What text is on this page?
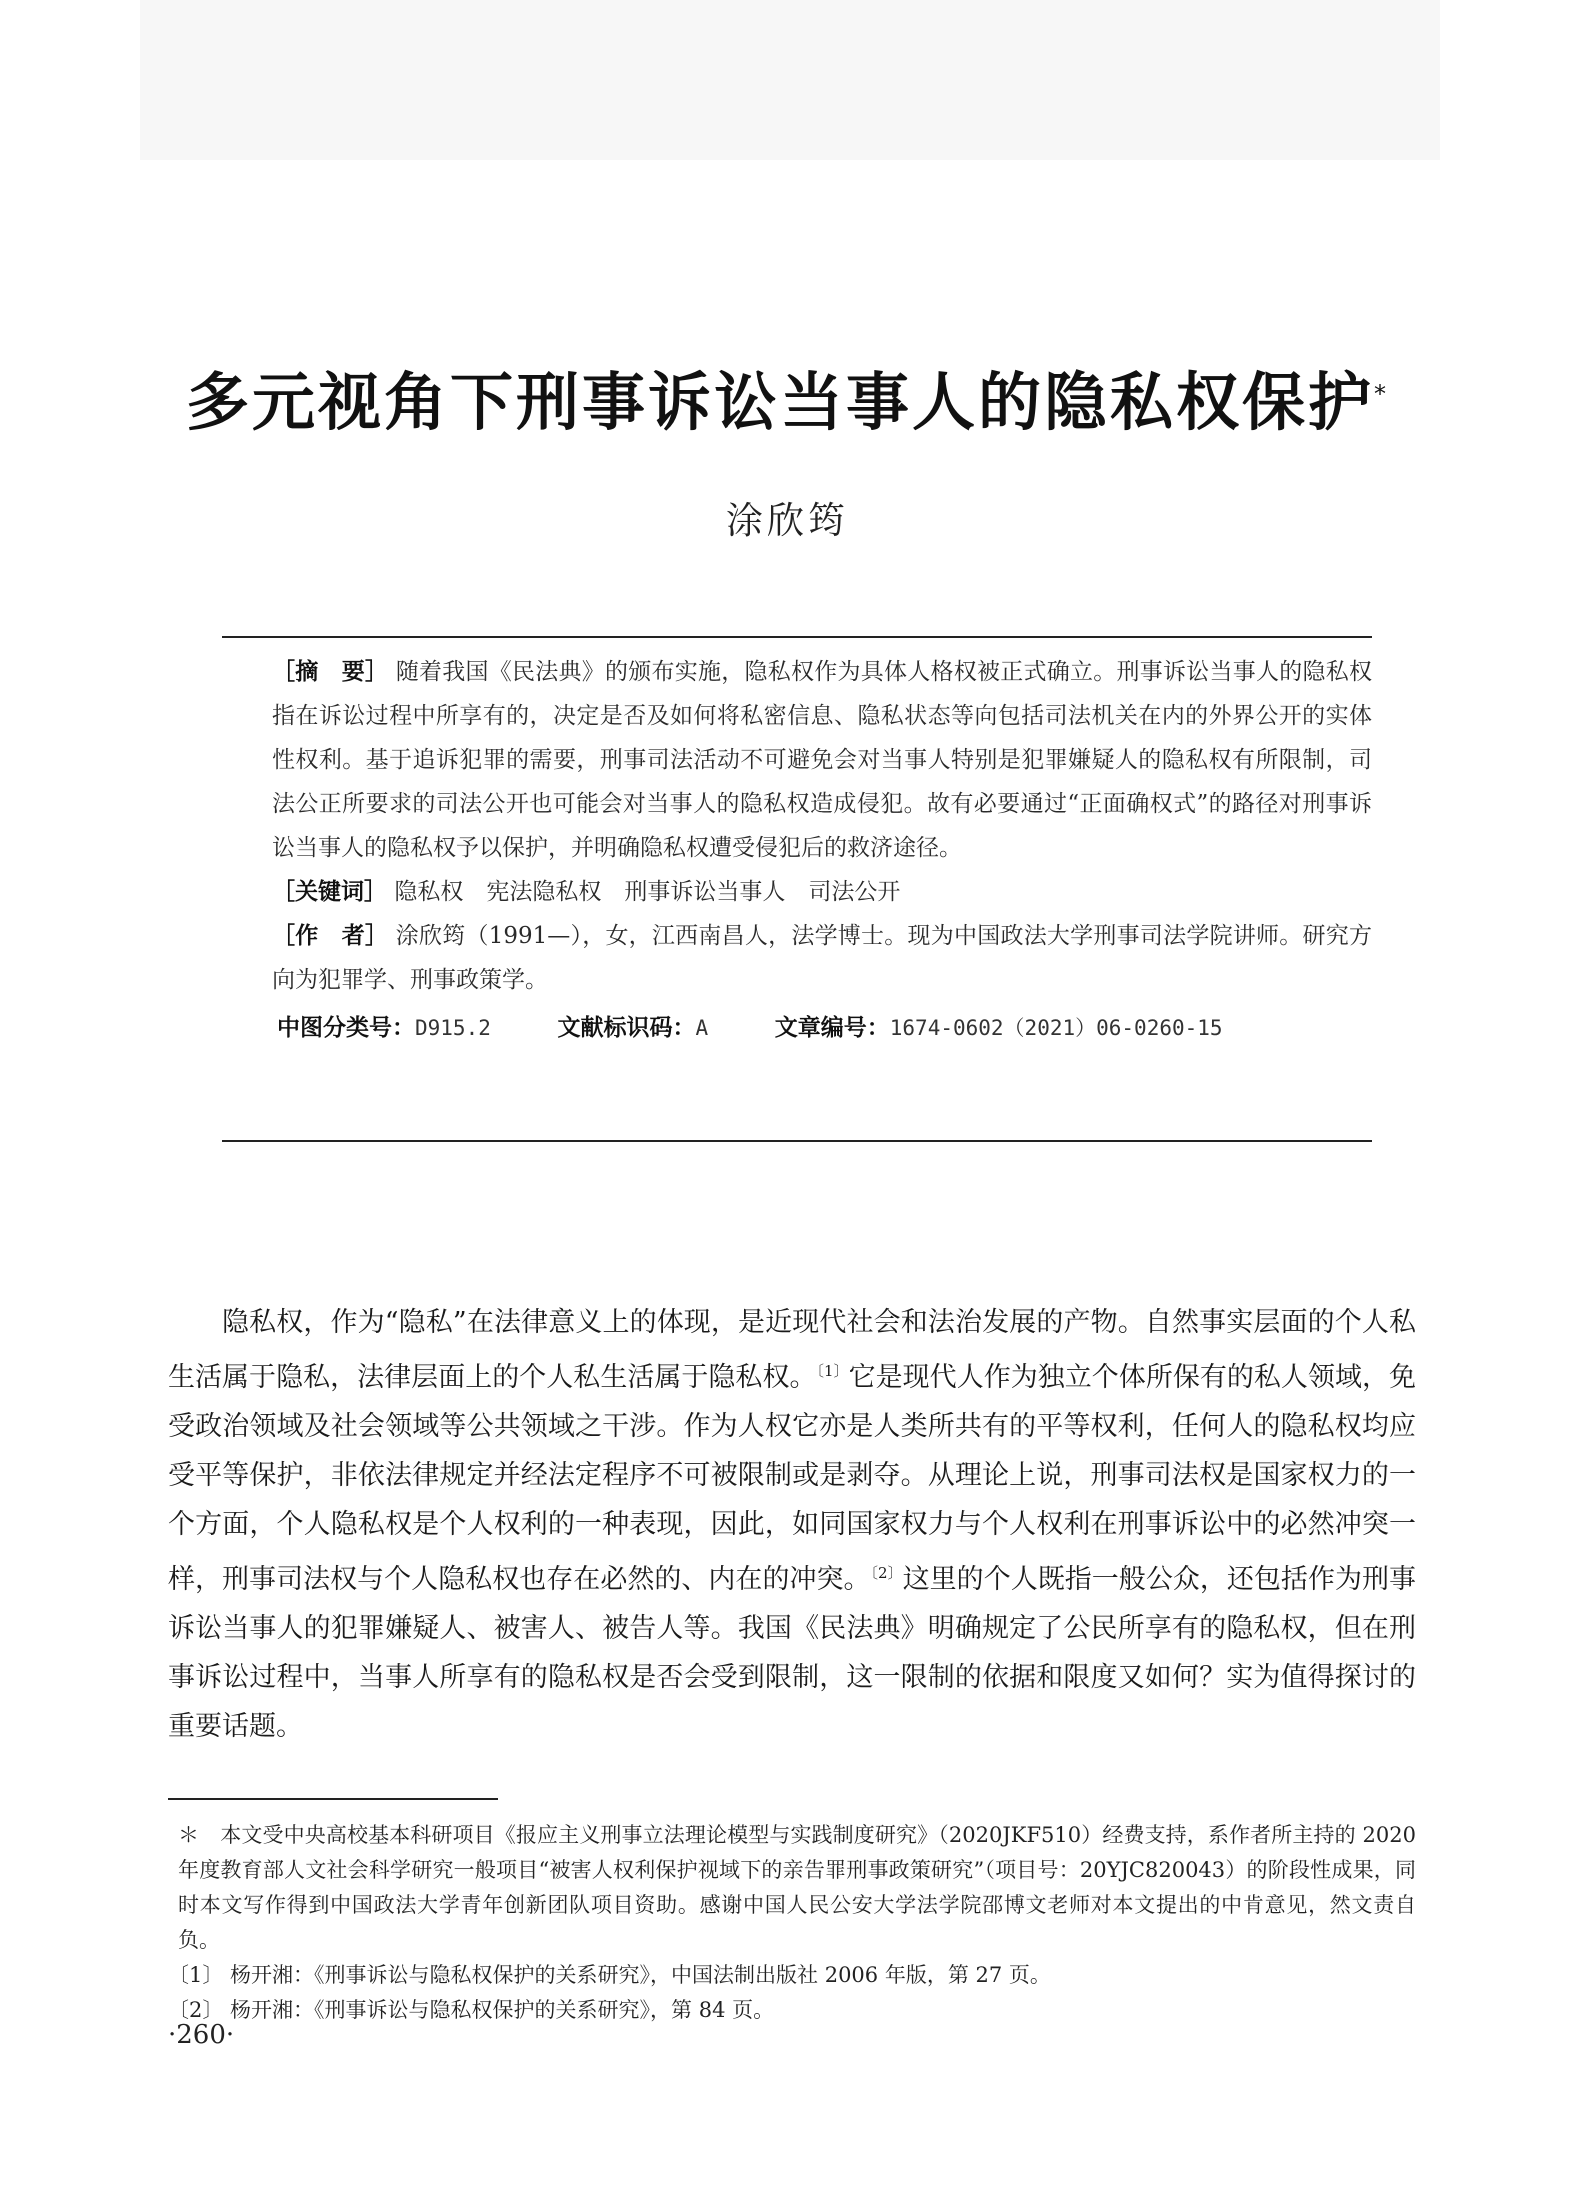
多元视角下刑事诉讼当事人的隐私权保护*
涂欣筠

［摘　要］ 随着我国《民法典》的颁布实施，隐私权作为具体人格权被正式确立。刑事诉讼当事人的隐私权指在诉讼过程中所享有的，决定是否及如何将私密信息、隐私状态等向包括司法机关在内的外界公开的实体性权利。基于追诉犯罪的需要，刑事司法活动不可避免会对当事人特别是犯罪嫌疑人的隐私权有所限制，司法公正所要求的司法公开也可能会对当事人的隐私权造成侵犯。故有必要通过“正面确权式”的路径对刑事诉讼当事人的隐私权予以保护，并明确隐私权遭受侵犯后的救济途径。

［关键词］ 隐私权　宪法隐私权　刑事诉讼当事人　司法公开

［作　者］ 涂欣筠（1991—），女，江西南昌人，法学博士。现为中国政法大学刑事司法学院讲师。研究方向为犯罪学、刑事政策学。

中图分类号：D915.2	文献标识码：A	文章编号：1674-0602（2021）06-0260-15

隐私权，作为“隐私”在法律意义上的体现，是近现代社会和法治发展的产物。自然事实层面的个人私生活属于隐私，法律层面上的个人私生活属于隐私权。$^{〔1〕}$它是现代人作为独立个体所保有的私人领域，免受政治领域及社会领域等公共领域之干涉。作为人权它亦是人类所共有的平等权利，任何人的隐私权均应受平等保护，非依法律规定并经法定程序不可被限制或是剥夺。从理论上说，刑事司法权是国家权力的一个方面，个人隐私权是个人权利的一种表现，因此，如同国家权力与个人权利在刑事诉讼中的必然冲突一样，刑事司法权与个人隐私权也存在必然的、内在的冲突。$^{〔2〕}$这里的个人既指一般公众，还包括作为刑事诉讼当事人的犯罪嫌疑人、被害人、被告人等。我国《民法典》明确规定了公民所享有的隐私权，但在刑事诉讼过程中，当事人所享有的隐私权是否会受到限制，这一限制的依据和限度又如何？实为值得探讨的重要话题。

＊　本文受中央高校基本科研项目《报应主义刑事立法理论模型与实践制度研究》（2020JKF510）经费支持，系作者所主持的 2020 年度教育部人文社会科学研究一般项目“被害人权利保护视域下的亲告罪刑事政策研究”（项目号：20YJC820043）的阶段性成果，同时本文写作得到中国政法大学青年创新团队项目资助。感谢中国人民公安大学法学院邵博文老师对本文提出的中肯意见，然文责自负。

〔1〕 杨开湘：《刑事诉讼与隐私权保护的关系研究》，中国法制出版社 2006 年版，第 27 页。

〔2〕 杨开湘：《刑事诉讼与隐私权保护的关系研究》，第 84 页。

·260·
